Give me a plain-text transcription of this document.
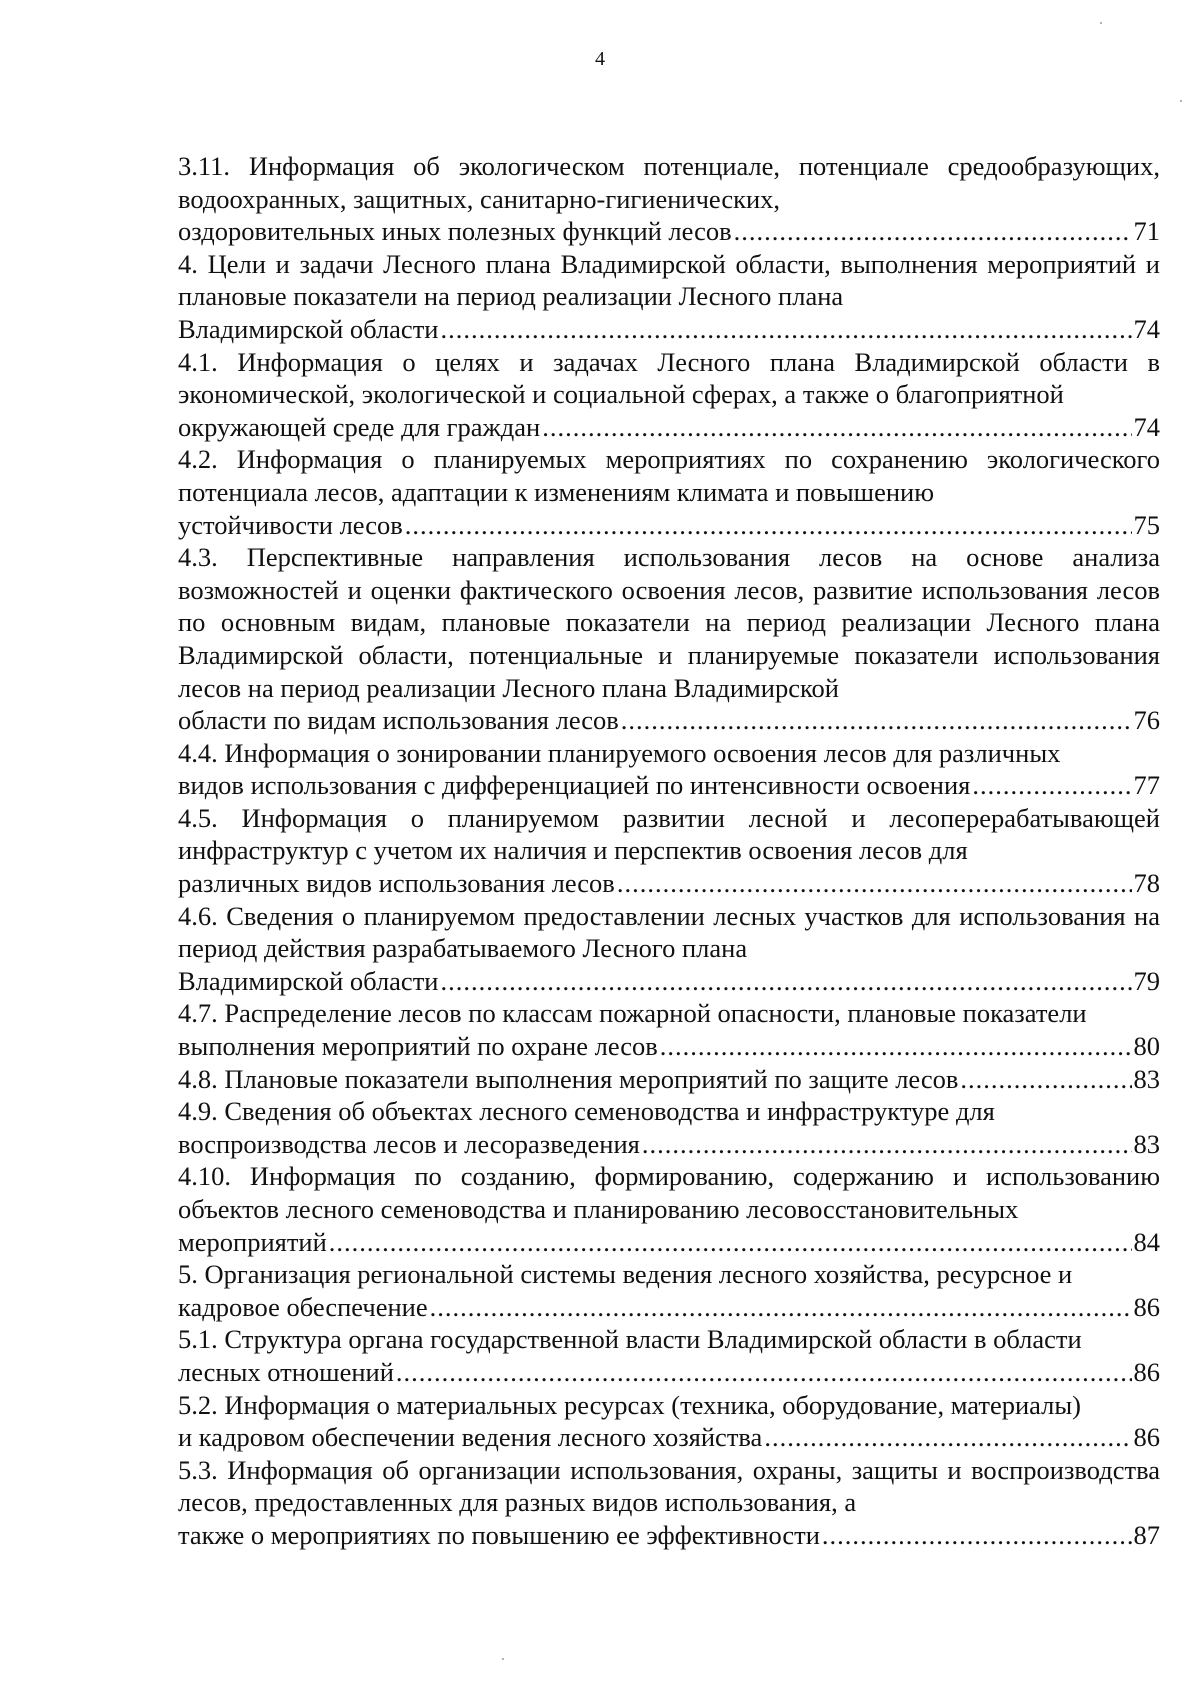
4

3.11. Информация об экологическом потенциале, потенциале средообразующих, водоохранных, защитных, санитарно-гигиенических,

оздоровительных иных полезных функций лесов .....	71

4. Цели и задачи Лесного плана Владимирской области, выполнения мероприятий и плановые показатели на период реализации Лесного плана

Владимирской области .....	74

4.1. Информация о целях и задачах Лесного плана Владимирской области в экономической, экологической и социальной сферах, а также о благоприятной

окружающей среде для граждан .....	74

4.2. Информация о планируемых мероприятиях по сохранению экологического потенциала лесов, адаптации к изменениям климата и повышению

устойчивости лесов .....	75

4.3. Перспективные направления использования лесов на основе анализа возможностей и оценки фактического освоения лесов, развитие использования лесов по основным видам, плановые показатели на период реализации Лесного плана Владимирской области, потенциальные и планируемые показатели использования лесов на период реализации Лесного плана Владимирской

области по видам использования лесов .....	76

4.4. Информация о зонировании планируемого освоения лесов для различных

видов использования с дифференциацией по интенсивности освоения .....	77

4.5. Информация о планируемом развитии лесной и лесоперерабатывающей инфраструктур с учетом их наличия и перспектив освоения лесов для

различных видов использования лесов .....	78

4.6. Сведения о планируемом предоставлении лесных участков для использования на период действия разрабатываемого Лесного плана

Владимирской области .....	79

4.7. Распределение лесов по классам пожарной опасности, плановые показатели

выполнения мероприятий по охране лесов .....	80
4.8. Плановые показатели выполнения мероприятий по защите лесов .....	83

4.9. Сведения об объектах лесного семеноводства и инфраструктуре для

воспроизводства лесов и лесоразведения .....	83

4.10. Информация по созданию, формированию, содержанию и использованию объектов лесного семеноводства и планированию лесовосстановительных

мероприятий .....	84

5. Организация региональной системы ведения лесного хозяйства, ресурсное и

кадровое обеспечение .....	86

5.1. Структура органа государственной власти Владимирской области в области

лесных отношений .....	86

5.2. Информация о материальных ресурсах (техника, оборудование, материалы)

и кадровом обеспечении ведения лесного хозяйства .....	86

5.3. Информация об организации использования, охраны, защиты и воспроизводства лесов, предоставленных для разных видов использования, а

также о мероприятиях по повышению ее эффективности .....	87
